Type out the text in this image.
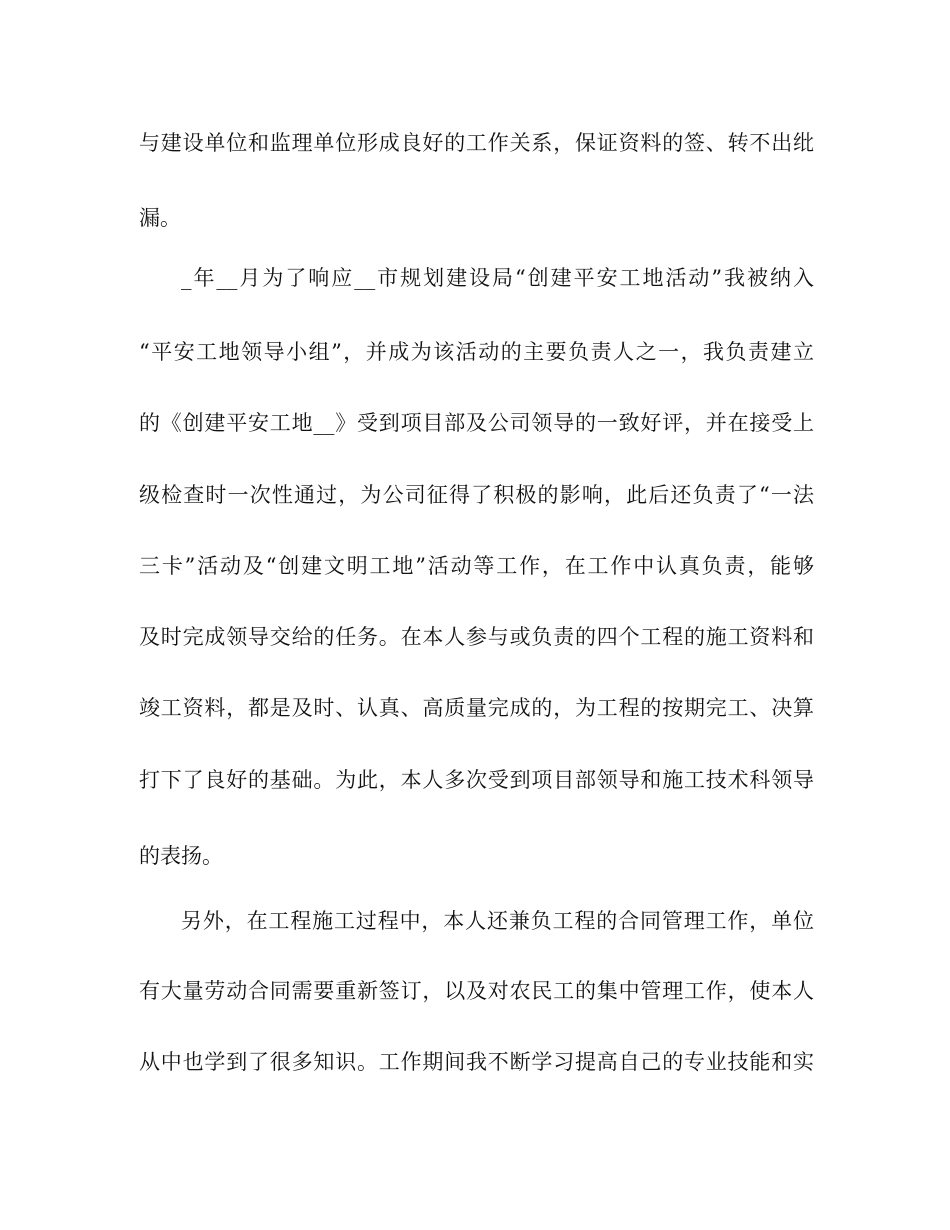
与建设单位和监理单位形成良好的工作关系，保证资料的签、转不出纰
漏。
_年__月为了响应__市规划建设局“创建平安工地活动”我被纳入
“平安工地领导小组”，并成为该活动的主要负责人之一，我负责建立
的《创建平安工地__》受到项目部及公司领导的一致好评，并在接受上
级检查时一次性通过，为公司征得了积极的影响，此后还负责了“一法
三卡”活动及“创建文明工地”活动等工作，在工作中认真负责，能够
及时完成领导交给的任务。在本人参与或负责的四个工程的施工资料和
竣工资料，都是及时、认真、高质量完成的，为工程的按期完工、决算
打下了良好的基础。为此，本人多次受到项目部领导和施工技术科领导
的表扬。
另外，在工程施工过程中，本人还兼负工程的合同管理工作，单位
有大量劳动合同需要重新签订，以及对农民工的集中管理工作，使本人
从中也学到了很多知识。工作期间我不断学习提高自己的专业技能和实
